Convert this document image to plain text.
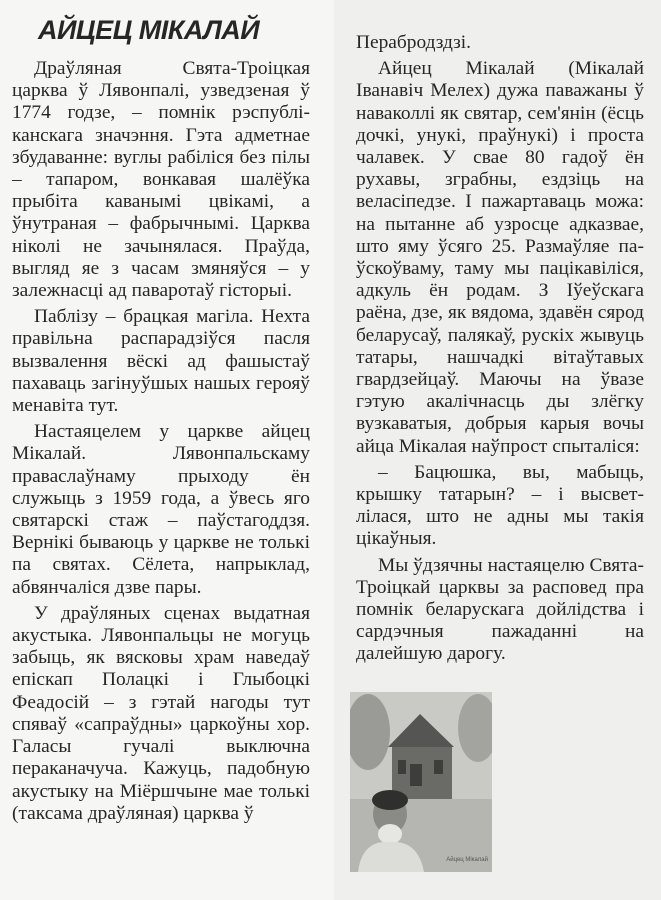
АЙЦЕЦ МІКАЛАЙ

Драўляная Свята-Троіцкая царква ў Лявонпалі, узведзеная ў 1774 годзе, – помнік рэспубліканскага значэння. Гэта адметнае збудаванне: вуглы рабіліся без пілы – тапаром, вонкавая шалёўка прыбіта каванымі цвікамі, а ўнутраная – фабрычнымі. Царква ніколі не зачынялася. Праўда, выгляд яе з часам змяняўся – у залежнасці ад паваротаў гісторыі.

Паблізу – брацкая магіла. Нехта правільна распарадзіўся пасля вызвалення вёскі ад фашыстаў пахаваць загінуўшых нашых герояў менавіта тут.

Настаяцелем у царкве айцец Мікалай. Лявонпальскаму праваслаўнаму прыходу ён служыць з 1959 года, а ўвесь яго святарскі стаж – паўстагоддзя. Вернікі бываюць у царкве не толькі па святах. Сёлета, напрыклад, абвянчаліся дзве пары.

У драўляных сценах выдатная акустыка. Лявонпальцы не могуць забыць, як вясковы храм наведаў епіскап Полацкі і Глыбоцкі Феадосій – з гэтай нагоды тут спяваў «сапраўдны» царкоўны хор. Галасы гучалі выключна пераканачуча. Кажуць, падобную акустыку на Міёршчыне мае толькі (таксама драўляная) царква ў

Перабродздзі.

Айцец Мікалай (Мікалай Іванавіч Мелех) дужа паважаны ў наваколлі як святар, сем'янін (ёсць дочкі, унукі, праўнукі) і проста чалавек. У свае 80 гадоў ён рухавы, зграбны, ездзіць на веласіпедзе. І пажартаваць можа: на пытанне аб узросце адказвае, што яму ўсяго 25. Размаўляе паўскоўваму, таму мы пацікавіліся, адкуль ён родам. З Іўеўскага раёна, дзе, як вядома, здавён сярод беларусаў, палякаў, рускіх жывуць татары, нашчадкі вітаўтавых гвардзейцаў. Маючы на ўвазе гэтую акалічнасць ды злёгку вузкаватыя, добрыя карыя вочы айца Мікалая наўпрост спыталіся:

– Бацюшка, вы, мабыць, крышку татарын? – і высветлілася, што не адны мы такія цікаўныя.

Мы ўдзячны настаяцелю Свята-Троіцкай царквы за расповед пра помнік беларускага дойлідства і сардэчныя пажаданні на далейшую дарогу.

Айцец Мікалай
